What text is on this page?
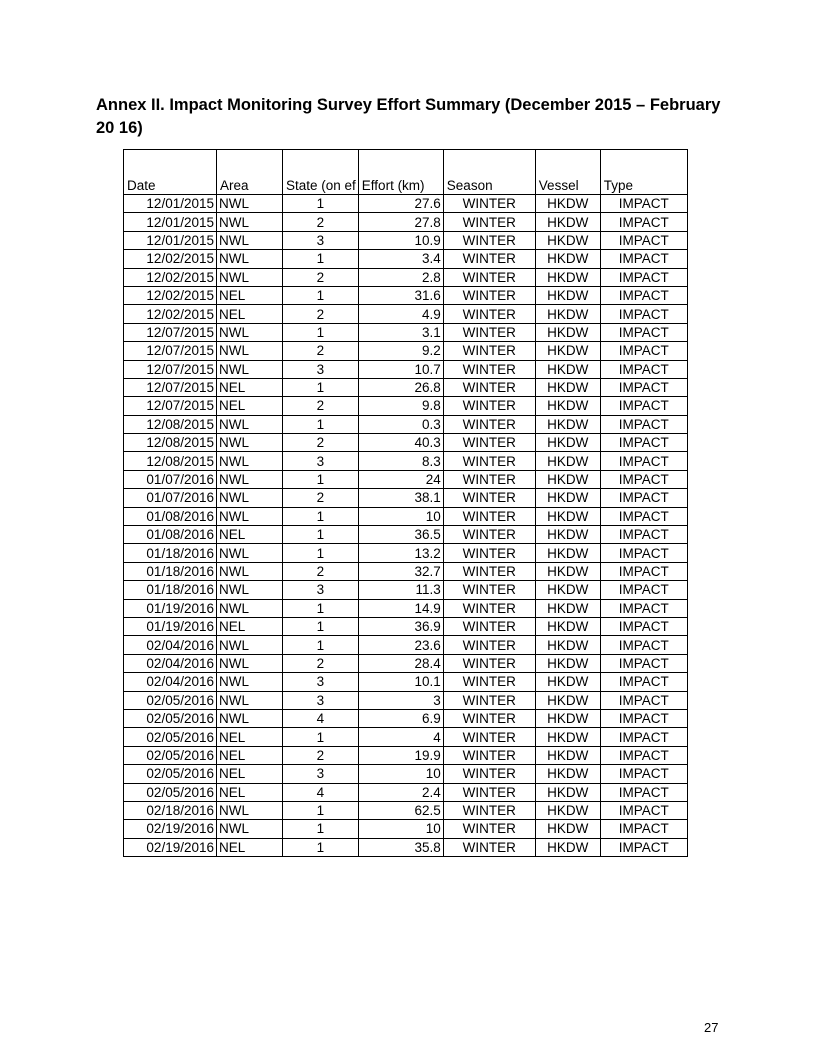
Annex II. Impact Monitoring Survey Effort Summary (December 2015 – February 20 16)
Date	Area	State (on ef	Effort (km)	Season	Vessel	Type
12/01/2015	NWL	1	27.6	WINTER	HKDW	IMPACT
12/01/2015	NWL	2	27.8	WINTER	HKDW	IMPACT
12/01/2015	NWL	3	10.9	WINTER	HKDW	IMPACT
12/02/2015	NWL	1	3.4	WINTER	HKDW	IMPACT
12/02/2015	NWL	2	2.8	WINTER	HKDW	IMPACT
12/02/2015	NEL	1	31.6	WINTER	HKDW	IMPACT
12/02/2015	NEL	2	4.9	WINTER	HKDW	IMPACT
12/07/2015	NWL	1	3.1	WINTER	HKDW	IMPACT
12/07/2015	NWL	2	9.2	WINTER	HKDW	IMPACT
12/07/2015	NWL	3	10.7	WINTER	HKDW	IMPACT
12/07/2015	NEL	1	26.8	WINTER	HKDW	IMPACT
12/07/2015	NEL	2	9.8	WINTER	HKDW	IMPACT
12/08/2015	NWL	1	0.3	WINTER	HKDW	IMPACT
12/08/2015	NWL	2	40.3	WINTER	HKDW	IMPACT
12/08/2015	NWL	3	8.3	WINTER	HKDW	IMPACT
01/07/2016	NWL	1	24	WINTER	HKDW	IMPACT
01/07/2016	NWL	2	38.1	WINTER	HKDW	IMPACT
01/08/2016	NWL	1	10	WINTER	HKDW	IMPACT
01/08/2016	NEL	1	36.5	WINTER	HKDW	IMPACT
01/18/2016	NWL	1	13.2	WINTER	HKDW	IMPACT
01/18/2016	NWL	2	32.7	WINTER	HKDW	IMPACT
01/18/2016	NWL	3	11.3	WINTER	HKDW	IMPACT
01/19/2016	NWL	1	14.9	WINTER	HKDW	IMPACT
01/19/2016	NEL	1	36.9	WINTER	HKDW	IMPACT
02/04/2016	NWL	1	23.6	WINTER	HKDW	IMPACT
02/04/2016	NWL	2	28.4	WINTER	HKDW	IMPACT
02/04/2016	NWL	3	10.1	WINTER	HKDW	IMPACT
02/05/2016	NWL	3	3	WINTER	HKDW	IMPACT
02/05/2016	NWL	4	6.9	WINTER	HKDW	IMPACT
02/05/2016	NEL	1	4	WINTER	HKDW	IMPACT
02/05/2016	NEL	2	19.9	WINTER	HKDW	IMPACT
02/05/2016	NEL	3	10	WINTER	HKDW	IMPACT
02/05/2016	NEL	4	2.4	WINTER	HKDW	IMPACT
02/18/2016	NWL	1	62.5	WINTER	HKDW	IMPACT
02/19/2016	NWL	1	10	WINTER	HKDW	IMPACT
02/19/2016	NEL	1	35.8	WINTER	HKDW	IMPACT
27
